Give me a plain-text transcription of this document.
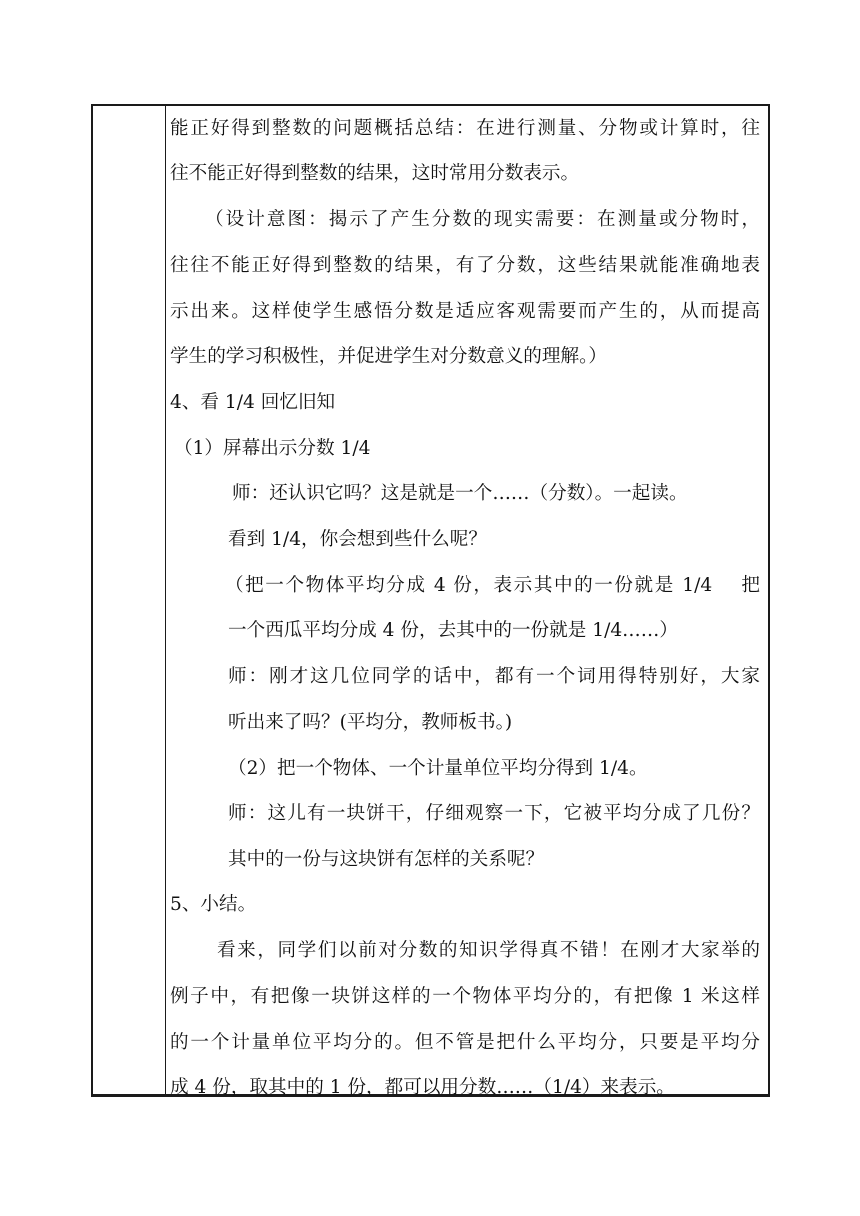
能正好得到整数的问题概括总结：在进行测量、分物或计算时，往
往不能正好得到整数的结果，这时常用分数表示。
（设计意图：揭示了产生分数的现实需要：在测量或分物时，
往往不能正好得到整数的结果，有了分数，这些结果就能准确地表
示出来。这样使学生感悟分数是适应客观需要而产生的，从而提高
学生的学习积极性，并促进学生对分数意义的理解。）
4、看 1/4 回忆旧知
（1）屏幕出示分数 1/4
师：还认识它吗？这是就是一个……（分数）。一起读。
看到 1/4，你会想到些什么呢？
（把一个物体平均分成 4 份，表示其中的一份就是 1/4　 把
一个西瓜平均分成 4 份，去其中的一份就是 1/4……）
师：刚才这几位同学的话中，都有一个词用得特别好，大家
听出来了吗？(平均分，教师板书。)
（2）把一个物体、一个计量单位平均分得到 1/4。
师：这儿有一块饼干，仔细观察一下，它被平均分成了几份？
其中的一份与这块饼有怎样的关系呢？
5、小结。
看来，同学们以前对分数的知识学得真不错！在刚才大家举的
例子中，有把像一块饼这样的一个物体平均分的，有把像 1 米这样
的一个计量单位平均分的。但不管是把什么平均分，只要是平均分
成 4 份，取其中的 1 份，都可以用分数……（1/4）来表示。
